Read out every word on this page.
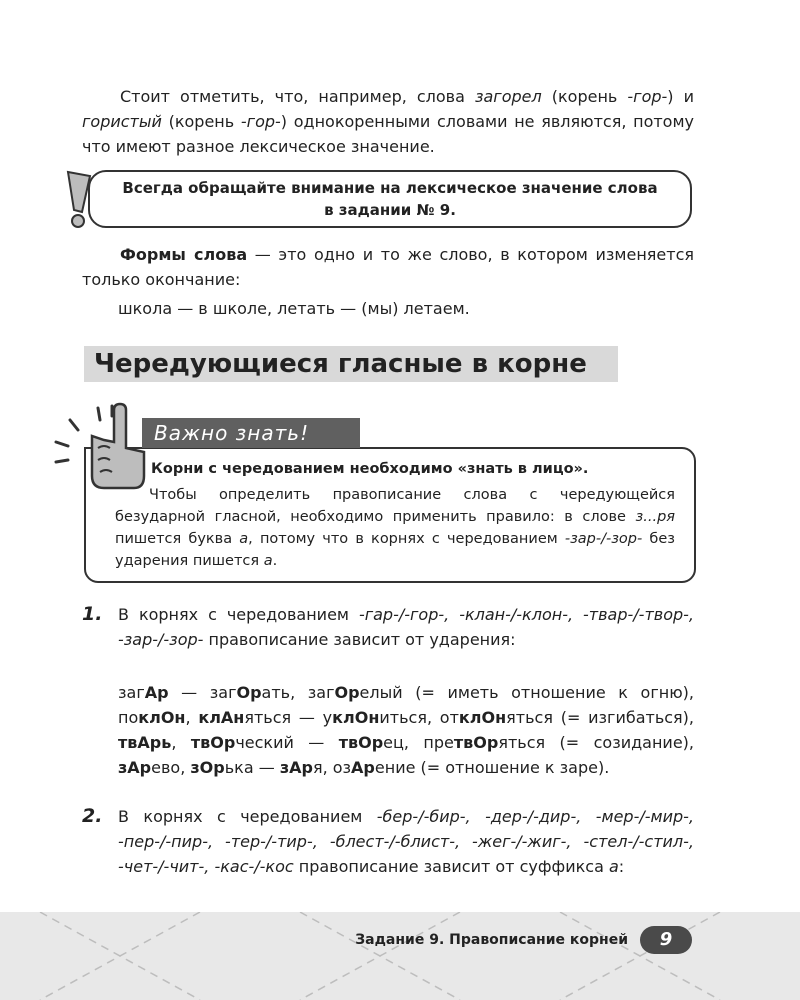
Стоит отметить, что, например, слова загорел (корень -гор-) и гористый (корень -гор-) однокоренными словами не являются, потому что имеют разное лексическое значение.
Всегда обращайте внимание на лексическое значение слова в задании № 9.
Формы слова — это одно и то же слово, в котором изменяется только окончание:
школа — в школе, летать — (мы) летаем.
Чередующиеся гласные в корне
Важно знать!
Корни с чередованием необходимо «знать в лицо».
Чтобы определить правописание слова с чередующейся безударной гласной, необходимо применить правило: в слове з...ря пишется буква а, потому что в корнях с чередованием -зар-/-зор- без ударения пишется а.
1. В корнях с чередованием -гар-/-гор-, -клан-/-клон-, -твар-/-твор-, -зар-/-зор- правописание зависит от ударения:
загАр — загОрать, загОрелый (= иметь отношение к огню), поклОн, клАняться — уклОниться, отклОняться (= изгибаться), твАрь, твОрческий — твОрец, претвОряться (= созидание), зАрево, зОрька — зАря, озАрение (= отношение к заре).
2. В корнях с чередованием -бер-/-бир-, -дер-/-дир-, -мер-/-мир-, -пер-/-пир-, -тер-/-тир-, -блест-/-блист-, -жег-/-жиг-, -стел-/-стил-, -чет-/-чит-, -кас-/-кос правописание зависит от суффикса а:
Задание 9. Правописание корней	9
